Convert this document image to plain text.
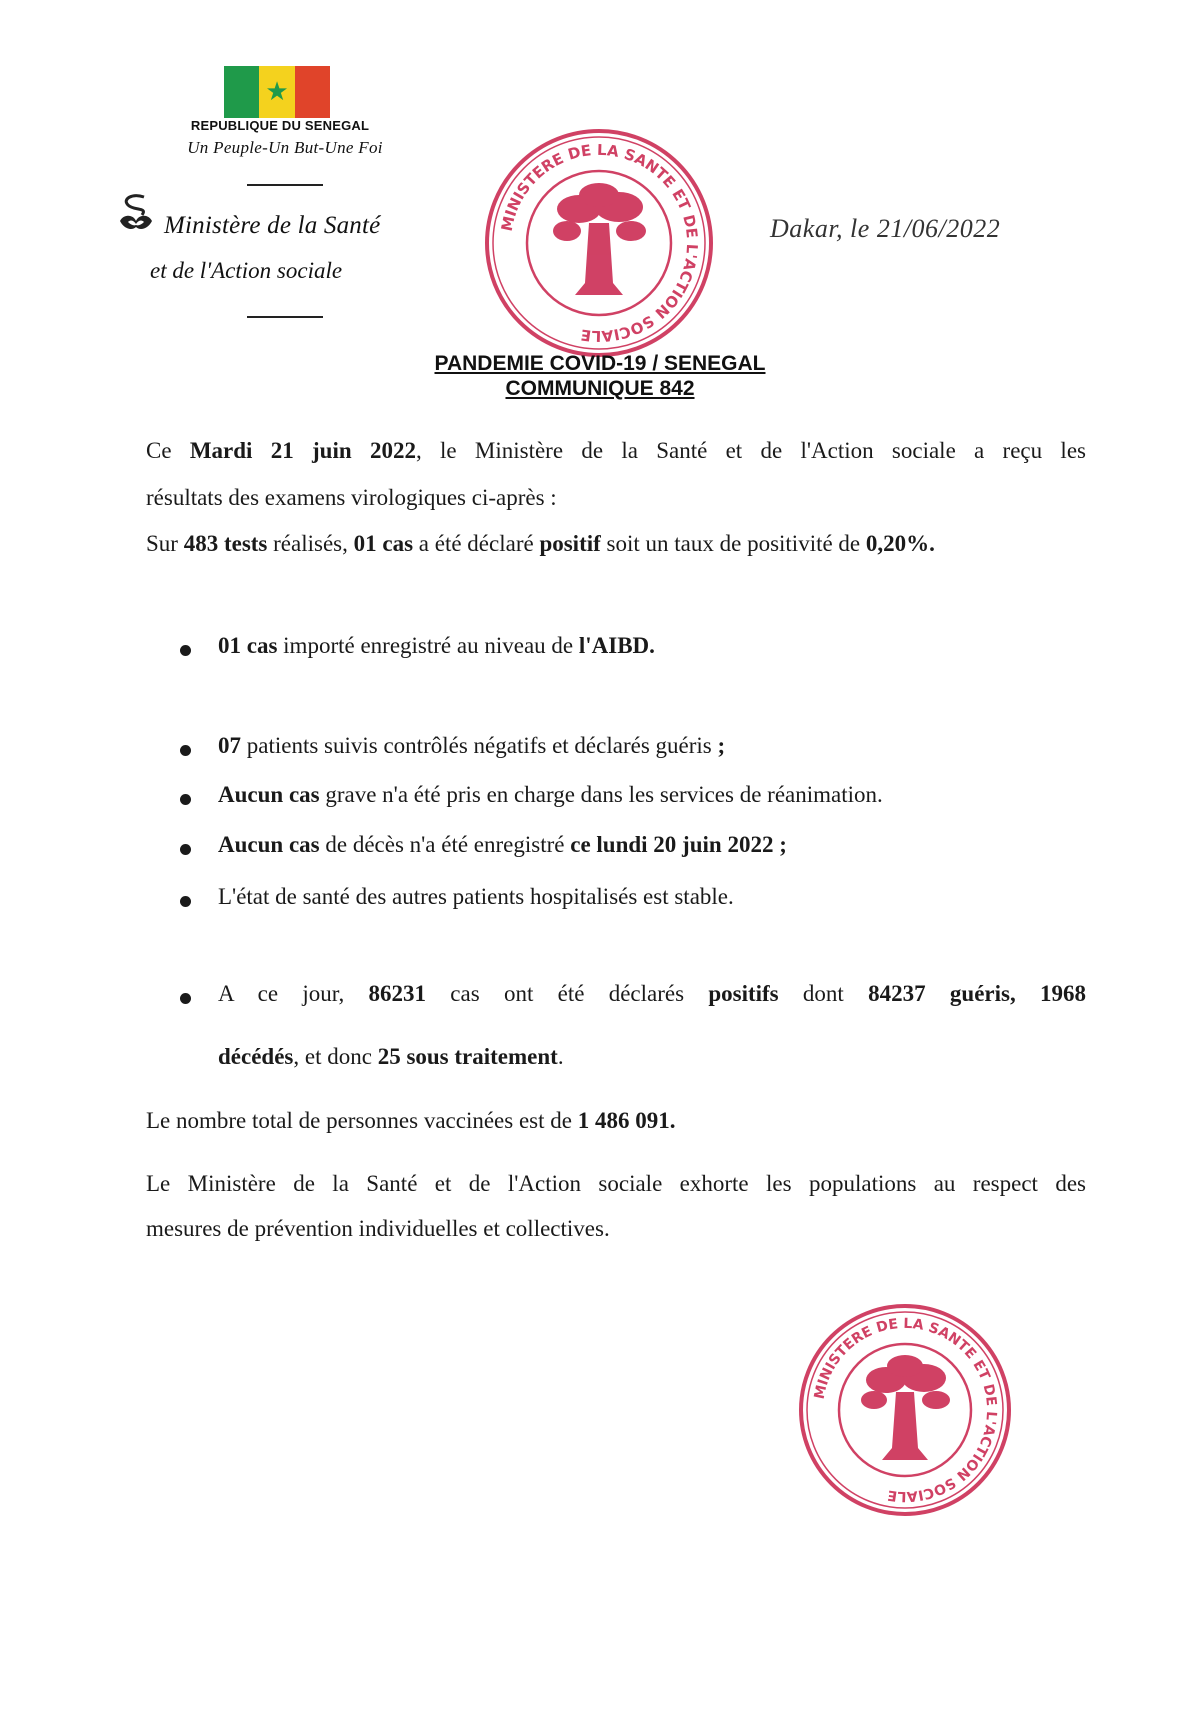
★
REPUBLIQUE DU SENEGAL
Un Peuple-Un But-Une Foi
Ministère de la Santé
et de l'Action sociale
Dakar, le 21/06/2022
MINISTERE DE LA SANTE ET DE L'ACTION SOCIALE
PANDEMIE COVID-19 / SENEGAL
COMMUNIQUE 842
Ce Mardi 21 juin 2022, le Ministère de la Santé et de l'Action sociale a reçu les
résultats des examens virologiques ci-après :
Sur 483 tests réalisés, 01 cas a été déclaré positif soit un taux de positivité de 0,20%.
01 cas importé enregistré au niveau de l'AIBD.
07 patients suivis contrôlés négatifs et déclarés guéris ;
Aucun cas grave n'a été pris en charge dans les services de réanimation.
Aucun cas de décès n'a été enregistré ce lundi 20 juin 2022 ;
L'état de santé des autres patients hospitalisés est stable.
A ce jour, 86231 cas ont été déclarés positifs dont 84237 guéris, 1968
décédés, et donc 25 sous traitement.
Le nombre total de personnes vaccinées est de 1 486 091.
Le Ministère de la Santé et de l'Action sociale exhorte les populations au respect des
mesures de prévention individuelles et collectives.
MINISTERE DE LA SANTE ET DE L'ACTION SOCIALE
